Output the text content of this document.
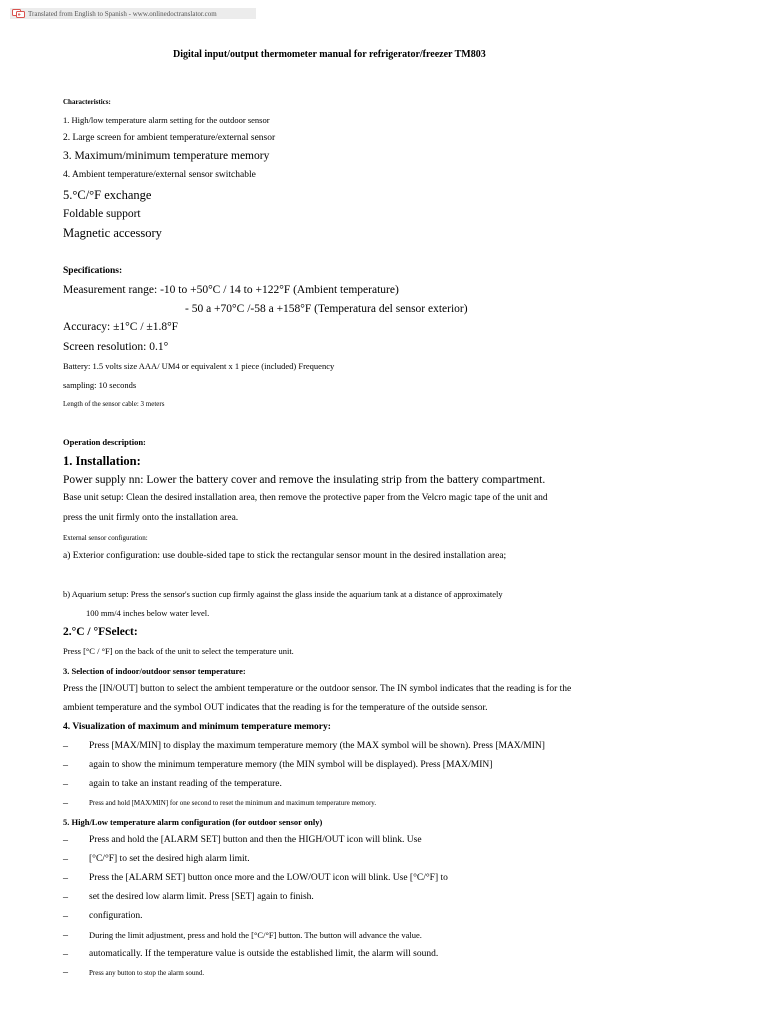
Translated from English to Spanish - www.onlinedoctranslator.com
Digital input/output thermometer manual for refrigerator/freezer TM803
Characteristics:
1. High/low temperature alarm setting for the outdoor sensor
2. Large screen for ambient temperature/external sensor
3. Maximum/minimum temperature memory
4. Ambient temperature/external sensor switchable
5.°C/°F exchange
Foldable support
Magnetic accessory
Specifications:
Measurement range: -10 to +50°C / 14 to +122°F (Ambient temperature)
- 50 a +70°C /-58 a +158°F (Temperatura del sensor exterior)
Accuracy: ±1°C / ±1.8°F
Screen resolution: 0.1°
Battery: 1.5 volts size AAA/ UM4 or equivalent x 1 piece (included) Frequency
sampling: 10 seconds
Length of the sensor cable: 3 meters
Operation description:
1. Installation:
Power supply nn: Lower the battery cover and remove the insulating strip from the battery compartment.
Base unit setup: Clean the desired installation area, then remove the protective paper from the Velcro magic tape of the unit and
press the unit firmly onto the installation area.
External sensor configuration:
a) Exterior configuration: use double-sided tape to stick the rectangular sensor mount in the desired installation area;
b) Aquarium setup: Press the sensor's suction cup firmly against the glass inside the aquarium tank at a distance of approximately
100 mm/4 inches below water level.
2.°C / °FSelect:
Press [°C / °F] on the back of the unit to select the temperature unit.
3. Selection of indoor/outdoor sensor temperature:
Press the [IN/OUT] button to select the ambient temperature or the outdoor sensor. The IN symbol indicates that the reading is for the
ambient temperature and the symbol OUT indicates that the reading is for the temperature of the outside sensor.
4. Visualization of maximum and minimum temperature memory:
– Press [MAX/MIN] to display the maximum temperature memory (the MAX symbol will be shown). Press [MAX/MIN]
– again to show the minimum temperature memory (the MIN symbol will be displayed). Press [MAX/MIN]
– again to take an instant reading of the temperature.
–	Press and hold [MAX/MIN] for one second to reset the minimum and maximum temperature memory.
5. High/Low temperature alarm configuration (for outdoor sensor only)
– Press and hold the [ALARM SET] button and then the HIGH/OUT icon will blink. Use
– [°C/°F] to set the desired high alarm limit.
– Press the [ALARM SET] button once more and the LOW/OUT icon will blink. Use [°C/°F] to
– set the desired low alarm limit. Press [SET] again to finish.
– configuration.
– During the limit adjustment, press and hold the [°C/°F] button. The button will advance the value.
– automatically. If the temperature value is outside the established limit, the alarm will sound.
–	Press any button to stop the alarm sound.
